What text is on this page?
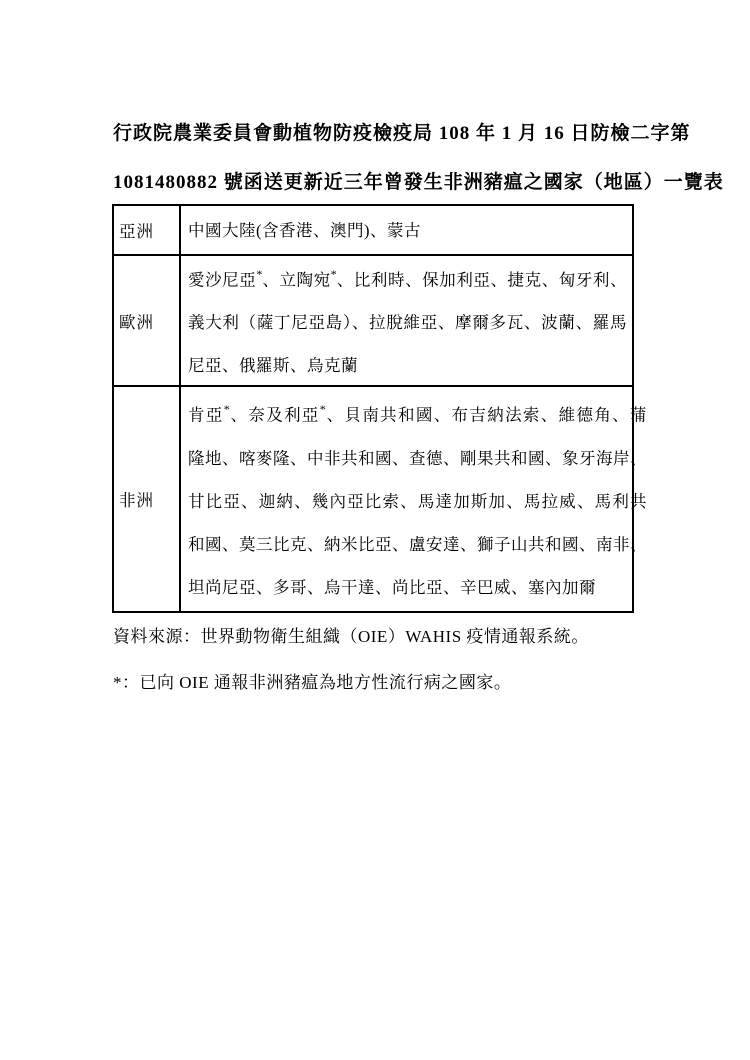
行政院農業委員會動植物防疫檢疫局 108 年 1 月 16 日防檢二字第
1081480882 號函送更新近三年曾發生非洲豬瘟之國家（地區）一覽表
亞洲	中國大陸(含香港、澳門)、蒙古
歐洲
愛沙尼亞*、立陶宛*、比利時、保加利亞、捷克、匈牙利、
義大利（薩丁尼亞島）、拉脫維亞、摩爾多瓦、波蘭、羅馬
尼亞、俄羅斯、烏克蘭
非洲
肯亞*、奈及利亞*、貝南共和國、布吉納法索、維德角、蒲
隆地、喀麥隆、中非共和國、查德、剛果共和國、象牙海岸、
甘比亞、迦納、幾內亞比索、馬達加斯加、馬拉威、馬利共
和國、莫三比克、納米比亞、盧安達、獅子山共和國、南非、
坦尚尼亞、多哥、烏干達、尚比亞、辛巴威、塞內加爾
資料來源：世界動物衛生組織（OIE）WAHIS 疫情通報系統。
*：已向 OIE 通報非洲豬瘟為地方性流行病之國家。
